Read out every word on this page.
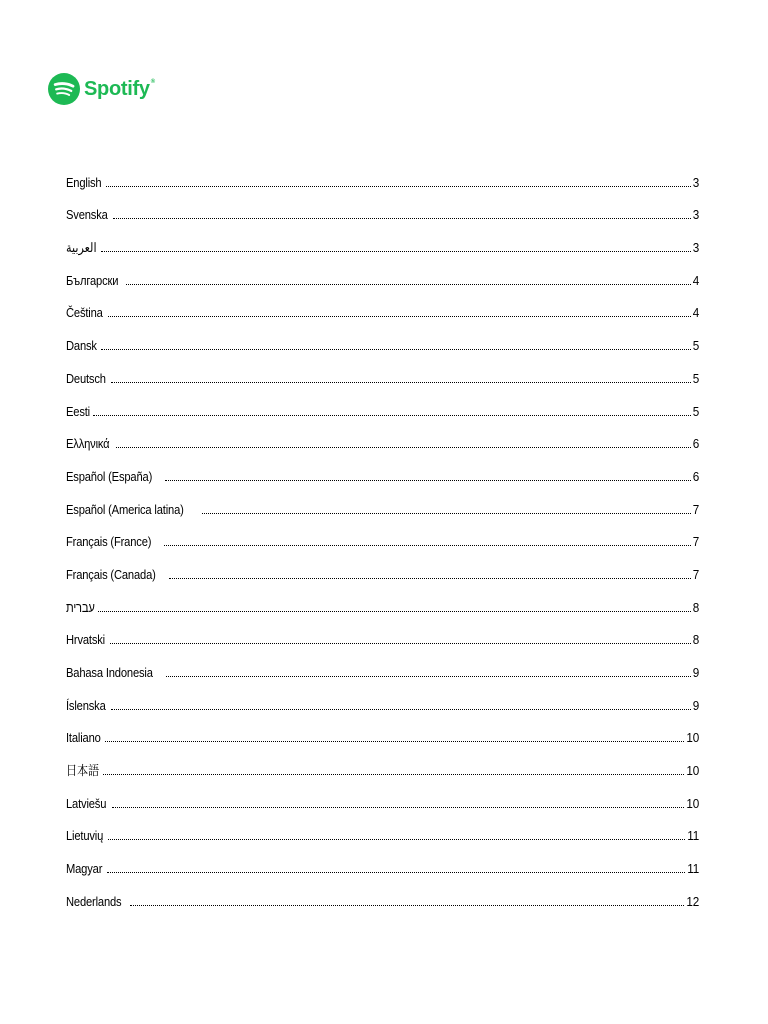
Spotify®
English	3
Svenska	3
العربية	3
Български	4
Čeština	4
Dansk	5
Deutsch	5
Eesti	5
Ελληνικά	6
Español (España)	6
Español (America latina)	7
Français (France)	7
Français (Canada)	7
עברית	8
Hrvatski	8
Bahasa Indonesia	9
Íslenska	9
Italiano	10
日本語	10
Latviešu	10
Lietuvių	11
Magyar	11
Nederlands	12
